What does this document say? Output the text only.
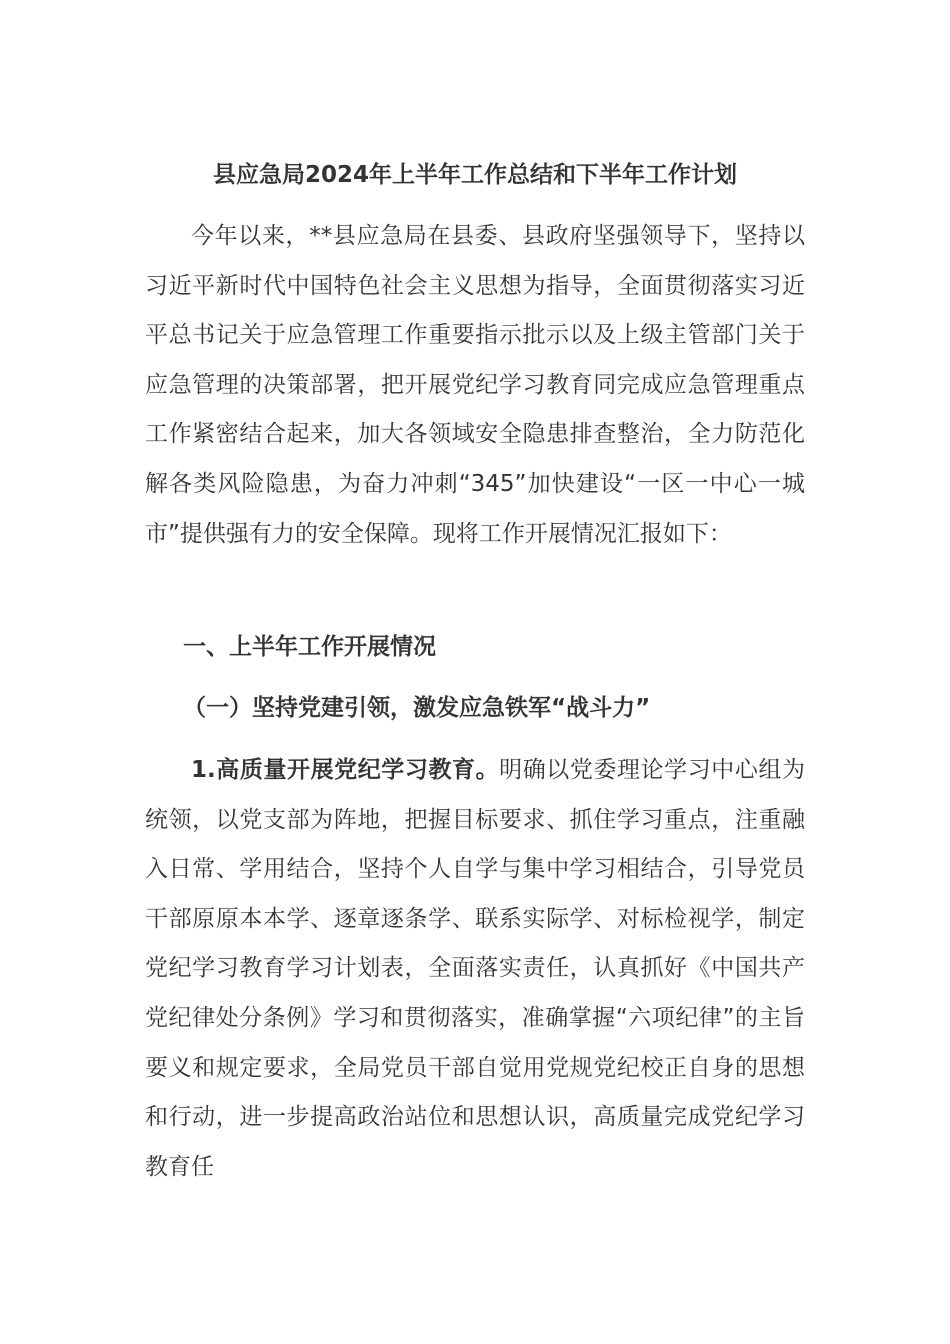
县应急局2024年上半年工作总结和下半年工作计划

今年以来，**县应急局在县委、县政府坚强领导下，坚持以习近平新时代中国特色社会主义思想为指导，全面贯彻落实习近平总书记关于应急管理工作重要指示批示以及上级主管部门关于应急管理的决策部署，把开展党纪学习教育同完成应急管理重点工作紧密结合起来，加大各领域安全隐患排查整治，全力防范化解各类风险隐患，为奋力冲刺“345”加快建设“一区一中心一城市”提供强有力的安全保障。现将工作开展情况汇报如下：

一、上半年工作开展情况
（一）坚持党建引领，激发应急铁军“战斗力”

1.高质量开展党纪学习教育。明确以党委理论学习中心组为统领，以党支部为阵地，把握目标要求、抓住学习重点，注重融入日常、学用结合，坚持个人自学与集中学习相结合，引导党员干部原原本本学、逐章逐条学、联系实际学、对标检视学，制定党纪学习教育学习计划表，全面落实责任，认真抓好《中国共产党纪律处分条例》学习和贯彻落实，准确掌握“六项纪律”的主旨要义和规定要求，全局党员干部自觉用党规党纪校正自身的思想和行动，进一步提高政治站位和思想认识，高质量完成党纪学习教育任
